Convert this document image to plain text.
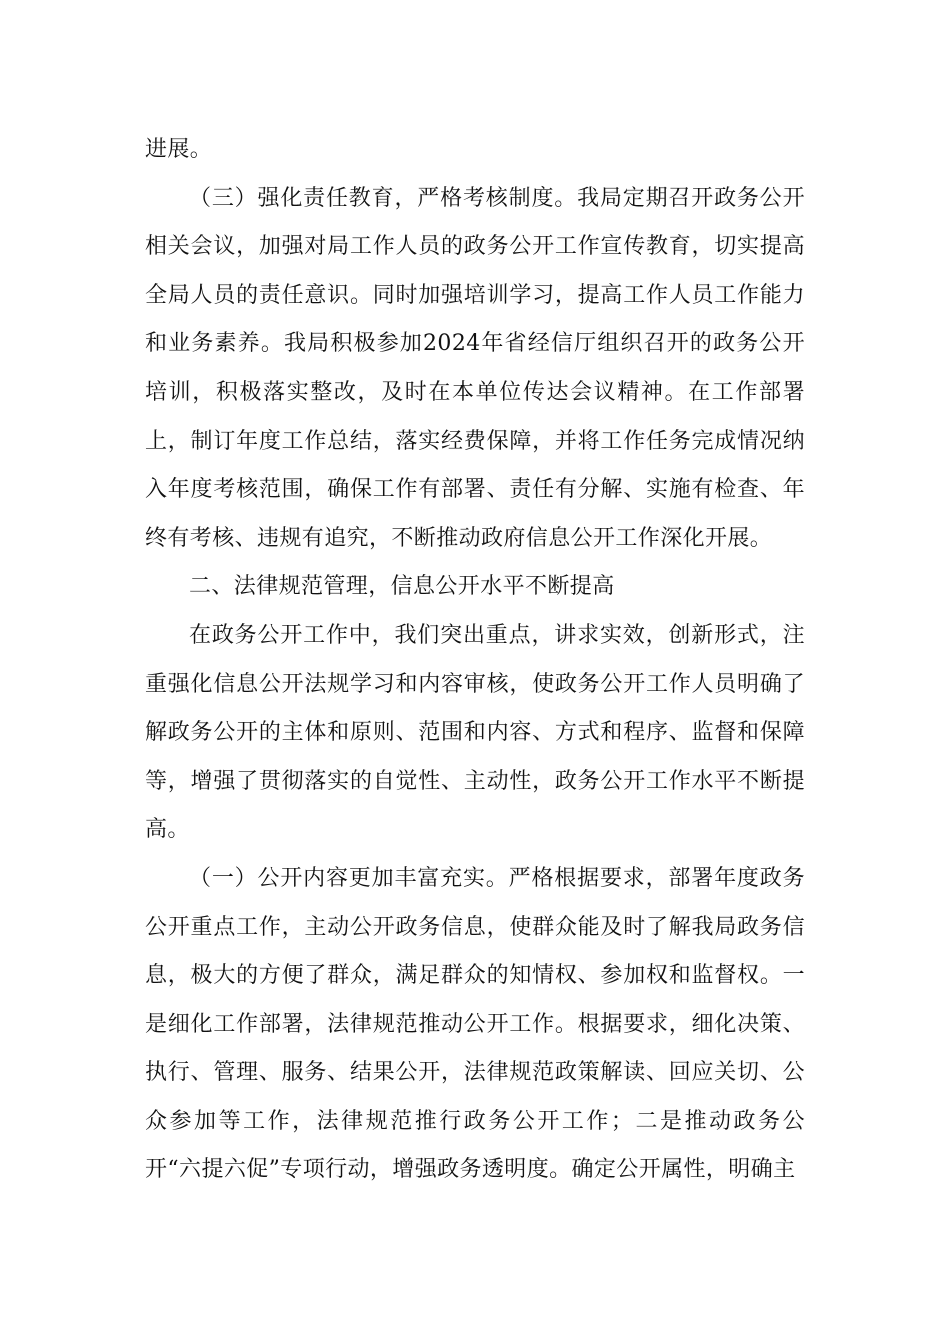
进展。

（三）强化责任教育，严格考核制度。我局定期召开政务公开相关会议，加强对局工作人员的政务公开工作宣传教育，切实提高全局人员的责任意识。同时加强培训学习，提高工作人员工作能力和业务素养。我局积极参加2024年省经信厅组织召开的政务公开培训，积极落实整改，及时在本单位传达会议精神。在工作部署上，制订年度工作总结，落实经费保障，并将工作任务完成情况纳入年度考核范围，确保工作有部署、责任有分解、实施有检查、年终有考核、违规有追究，不断推动政府信息公开工作深化开展。

二、法律规范管理，信息公开水平不断提高

在政务公开工作中，我们突出重点，讲求实效，创新形式，注重强化信息公开法规学习和内容审核，使政务公开工作人员明确了解政务公开的主体和原则、范围和内容、方式和程序、监督和保障等，增强了贯彻落实的自觉性、主动性，政务公开工作水平不断提高。

（一）公开内容更加丰富充实。严格根据要求，部署年度政务公开重点工作，主动公开政务信息，使群众能及时了解我局政务信息，极大的方便了群众，满足群众的知情权、参加权和监督权。一是细化工作部署，法律规范推动公开工作。根据要求，细化决策、执行、管理、服务、结果公开，法律规范政策解读、回应关切、公众参加等工作，法律规范推行政务公开工作；二是推动政务公开“六提六促”专项行动，增强政务透明度。确定公开属性，明确主
